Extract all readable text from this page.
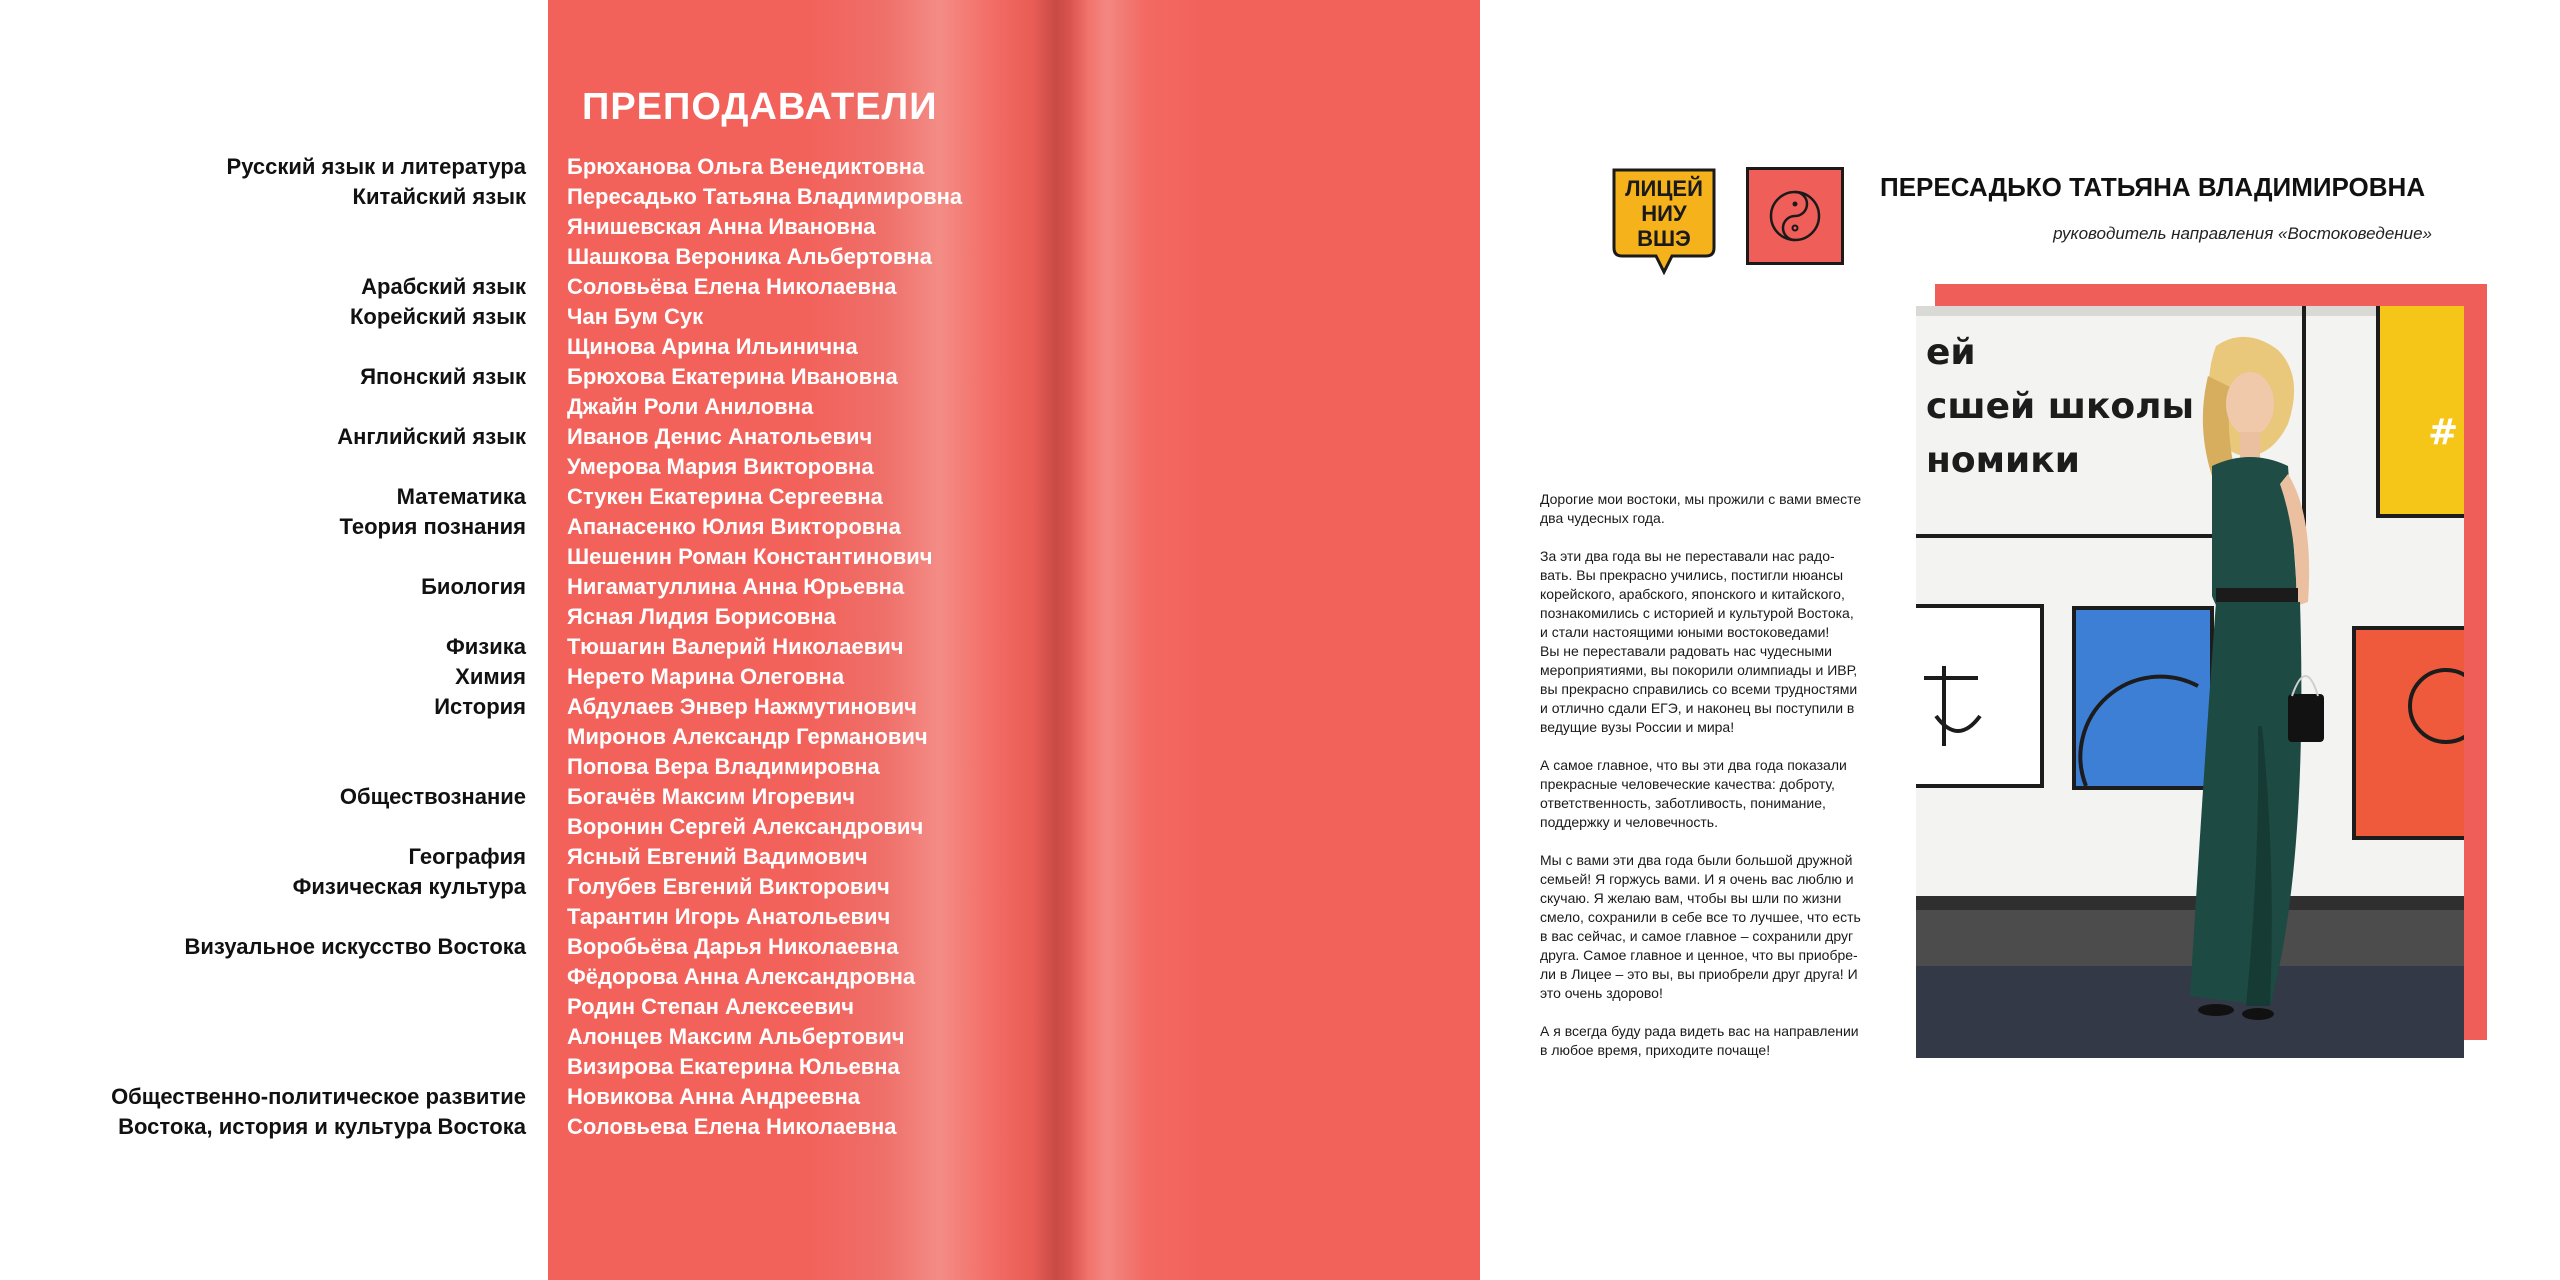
ПРЕПОДАВАТЕЛИ
Русский язык и литература
Китайский язык
Арабский язык
Корейский язык
Японский язык
Английский язык
Математика
Теория познания
Биология
Физика
Химия
История
Обществознание
География
Физическая культура
Визуальное искусство Востока
Общественно-политическое развитие
Востока, история и культура Востока
Брюханова Ольга Венедиктовна
Пересадько Татьяна Владимировна
Янишевская Анна Ивановна
Шашкова Вероника Альбертовна
Соловьёва Елена Николаевна
Чан Бум Сук
Щинова Арина Ильинична
Брюхова Екатерина Ивановна
Джайн Роли Аниловна
Иванов Денис Анатольевич
Умерова Мария Викторовна
Стукен Екатерина Сергеевна
Апанасенко Юлия Викторовна
Шешенин Роман Константинович
Нигаматуллина Анна Юрьевна
Ясная Лидия Борисовна
Тюшагин Валерий Николаевич
Нерето Марина Олеговна
Абдулаев Энвер Нажмутинович
Миронов Александр Германович
Попова Вера Владимировна
Богачёв Максим Игоревич
Воронин Сергей Александрович
Ясный Евгений Вадимович
Голубев Евгений Викторович
Тарантин Игорь Анатольевич
Воробьёва Дарья Николаевна
Фёдорова Анна Александровна
Родин Степан Алексеевич
Алонцев Максим Альбертович
Визирова Екатерина Юльевна
Новикова Анна Андреевна
Соловьева Елена Николаевна
ЛИЦЕЙ
НИУ
ВШЭ
ПЕРЕСАДЬКО ТАТЬЯНА ВЛАДИМИРОВНА
руководитель направления «Востоковедение»
ей
сшей школы
номики
#

Дорогие мои востоки, мы прожили с вами вместе
два чудесных года.

За эти два года вы не переставали нас радо-
вать. Вы прекрасно учились, постигли нюансы
корейского, арабского, японского и китайского,
познакомились с историей и культурой Востока,
и стали настоящими юными востоковедами!
Вы не переставали радовать нас чудесными
мероприятиями, вы покорили олимпиады и ИВР,
вы прекрасно справились со всеми трудностями
и отлично сдали ЕГЭ, и наконец вы поступили в
ведущие вузы России и мира!

А самое главное, что вы эти два года показали
прекрасные человеческие качества: доброту,
ответственность, заботливость, понимание,
поддержку и человечность.

Мы с вами эти два года были большой дружной
семьей! Я горжусь вами. И я очень вас люблю и
скучаю. Я желаю вам, чтобы вы шли по жизни
смело, сохранили в себе все то лучшее, что есть
в вас сейчас, и самое главное – сохранили друг
друга. Самое главное и ценное, что вы приобре-
ли в Лицее – это вы, вы приобрели друг друга! И
это очень здорово!

А я всегда буду рада видеть вас на направлении
в любое время, приходите почаще!
